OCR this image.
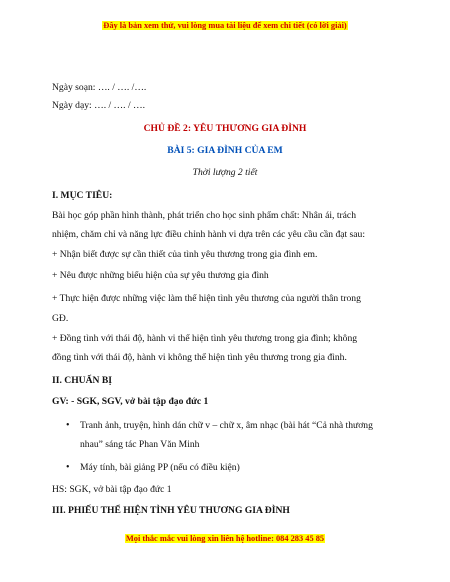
Đây là bản xem thử, vui lòng mua tài liệu để xem chi tiết (có lời giải)
Ngày soạn: …. / …. /….
Ngày dạy: …. / …. / ….
CHỦ ĐỀ 2: YÊU THƯƠNG GIA ĐÌNH
BÀI 5: GIA ĐÌNH CỦA EM
Thời lượng 2 tiết
I. MỤC TIÊU:
Bài học góp phần hình thành, phát triển cho học sinh phẩm chất: Nhân ái, trách
nhiệm, chăm chỉ và năng lực điều chỉnh hành vi dựa trên các yêu cầu cần đạt sau:
+ Nhận biết được sự cần thiết của tình yêu thương trong gia đình em.
+ Nêu được những biểu hiện của sự yêu thương gia đình
+ Thực hiện được những việc làm thể hiện tình yêu thương của người thân trong
GĐ.
+ Đồng tình với thái độ, hành vi thể hiện tình yêu thương trong gia đình; không
đồng tình với thái độ, hành vi không thể hiện tình yêu thương trong gia đình.
II. CHUẨN BỊ
GV: - SGK, SGV, vở bài tập đạo đức 1
• Tranh ảnh, truyện, hình dán chữ v – chữ x, âm nhạc (bài hát “Cả nhà thương
nhau” sáng tác Phan Văn Minh
• Máy tính, bài giảng PP (nếu có điều kiện)
HS: SGK, vở bài tập đạo đức 1
III. PHIẾU THỂ HIỆN TÌNH YÊU THƯƠNG GIA ĐÌNH
Mọi thắc mắc vui lòng xin liên hệ hotline: 084 283 45 85
